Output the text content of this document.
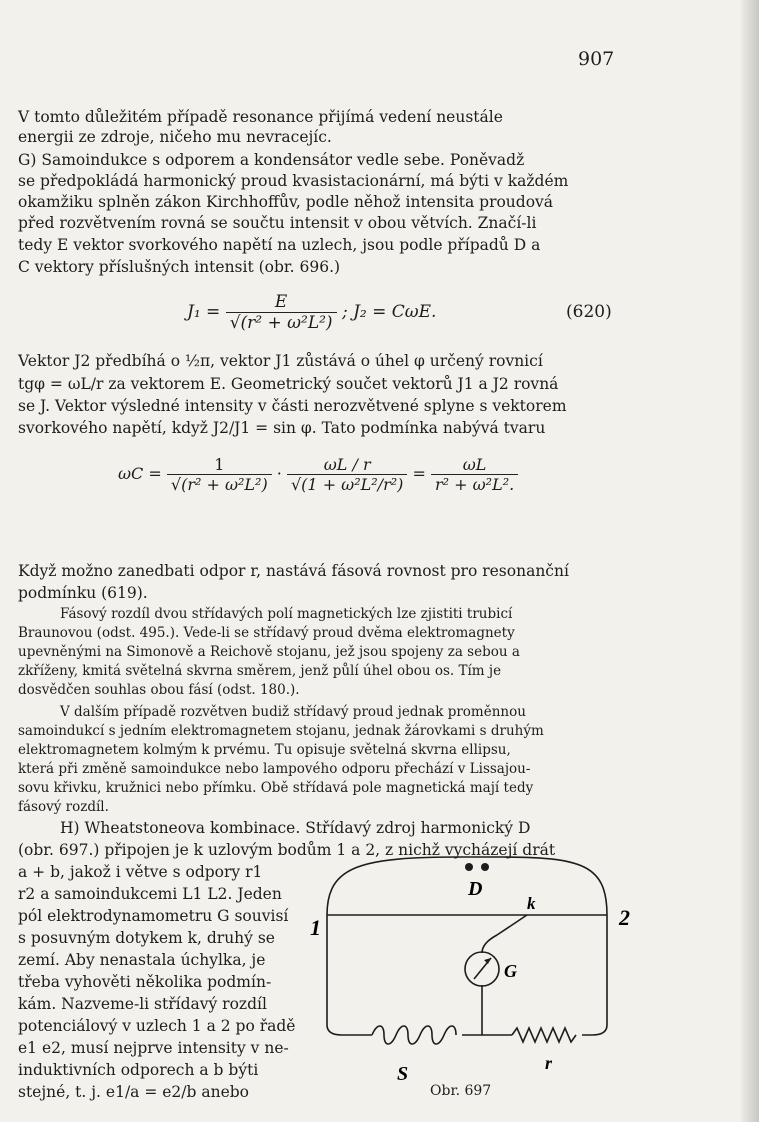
907
V tomto důležitém případě resonance přijímá vedení neustále
energii ze zdroje, ničeho mu nevracejíc.
G) Samoindukce s odporem a kondensátor vedle sebe. Poněvadž
se předpokládá harmonický proud kvasistacionární, má býti v každém
okamžiku splněn zákon Kirchhoffův, podle něhož intensita proudová
před rozvětvením rovná se součtu intensit v obou větvích. Značí-li
tedy E vektor svorkového napětí na uzlech, jsou podle případů D a
C vektory příslušných intensit (obr. 696.)
$J_1 = \frac{E}{\text{√(r² + ω²L²)}}$ ; J₂ = CωE.	(620)
Vektor J2 předbíhá o ½π, vektor J1 zůstává o úhel φ určený rovnicí
tgφ = ωL/r za vektorem E. Geometrický součet vektorů J1 a J2 rovná
se J. Vektor výsledné intensity v části nerozvětvené splyne s vektorem
svorkového napětí, když J2/J1 = sin φ. Tato podmínka nabývá tvaru
$\omega C = \frac{1}{\text{√(r² + ω²L²)}} \cdot \frac{\omega L / r}{\text{√(1 + ω²L²/r²)}} = \frac{\omega L}{\text{r² + ω²L².}}$
Když možno zanedbati odpor r, nastává fásová rovnost pro resonanční
podmínku (619).
Fásový rozdíl dvou střídavých polí magnetických lze zjistiti trubicí
Braunovou (odst. 495.). Vede-li se střídavý proud dvěma elektromagnety
upevněnými na Simonově a Reichově stojanu, jež jsou spojeny za sebou a
zkříženy, kmitá světelná skvrna směrem, jenž půlí úhel obou os. Tím je
dosvědčen souhlas obou fásí (odst. 180.).
V dalším případě rozvětven budiž střídavý proud jednak proměnnou
samoindukcí s jedním elektromagnetem stojanu, jednak žárovkami s druhým
elektromagnetem kolmým k prvému. Tu opisuje světelná skvrna ellipsu,
která při změně samoindukce nebo lampového odporu přechází v Lissajou-
sovu křivku, kružnici nebo přímku. Obě střídavá pole magnetická mají tedy
fásový rozdíl.
H) Wheatstoneova kombinace. Střídavý zdroj harmonický D
(obr. 697.) připojen je k uzlovým bodům 1 a 2, z nichž vycházejí drát
a + b, jakož i větve s odpory r1
r2 a samoindukcemi L1 L2. Jeden
pól elektrodynamometru G souvisí
s posuvným dotykem k, druhý se
zemí. Aby nenastala úchylka, je
třeba vyhověti několika podmín-
kám. Nazveme-li střídavý rozdíl
potenciálový v uzlech 1 a 2 po řadě
e1 e2, musí nejprve intensity v ne-
induktivních odporech a b býti
stejné, t. j. e1/a = e2/b anebo
D
k
1	2
G
S	r
Obr. 697
